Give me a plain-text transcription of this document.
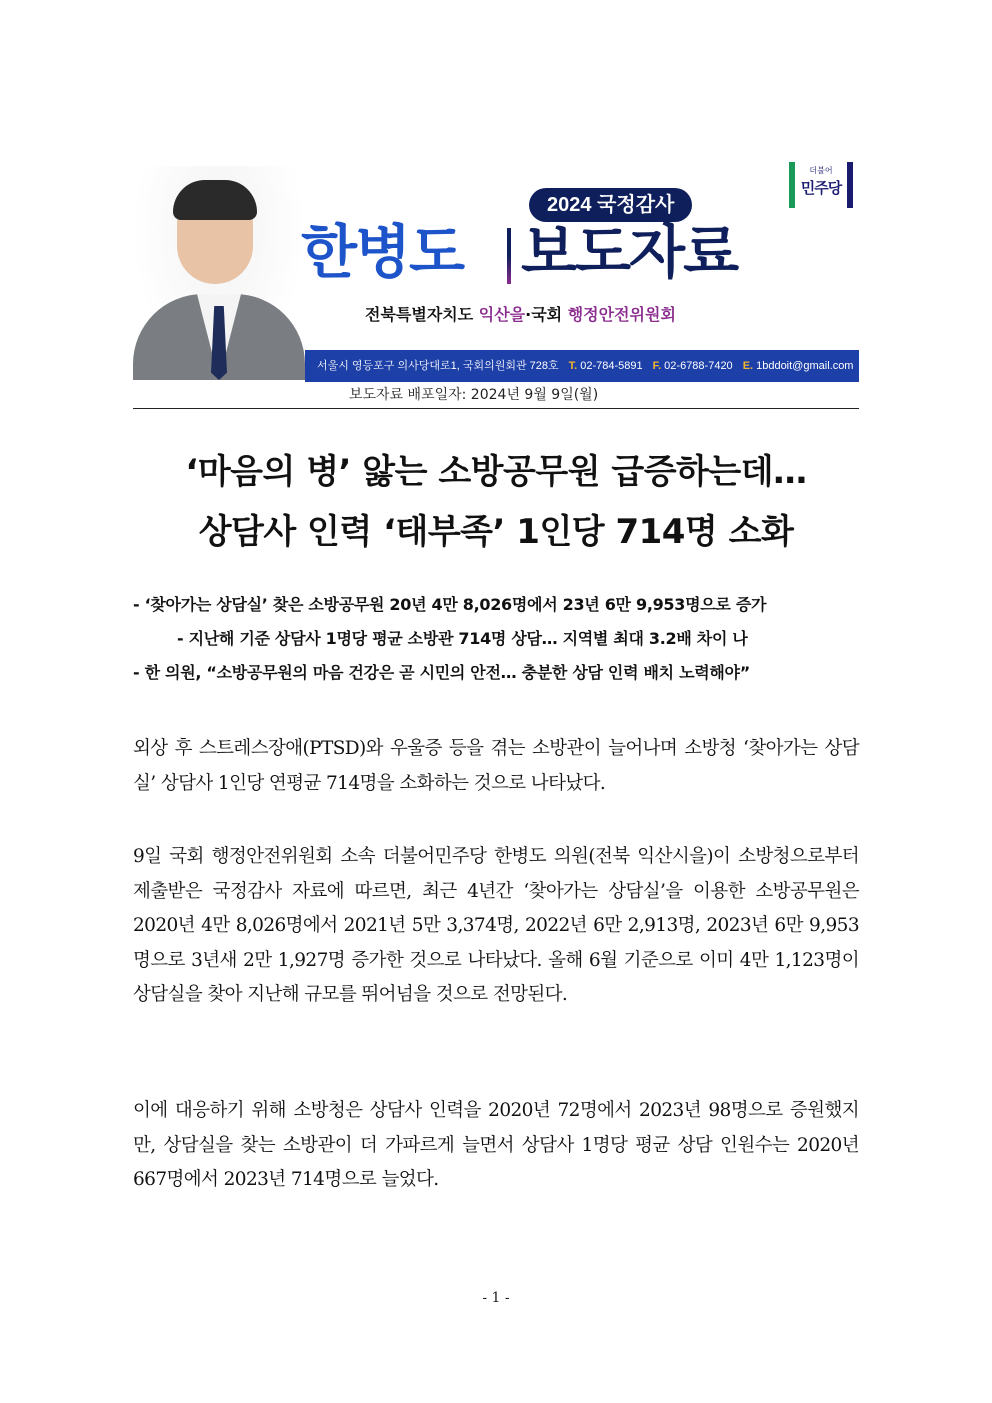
2024 국정감사
한병도 보도자료
더불어
민주당
전북특별자치도 익산을·국회 행정안전위원회
서울시 영등포구 의사당대로1, 국회의원회관 728호 T. 02-784-5891 F. 02-6788-7420 E. 1bddoit@gmail.com
보도자료 배포일자: 2024년 9월 9일(월)
‘마음의 병’ 앓는 소방공무원 급증하는데…
상담사 인력 ‘태부족’ 1인당 714명 소화
- ‘찾아가는 상담실’ 찾은 소방공무원 20년 4만 8,026명에서 23년 6만 9,953명으로 증가
- 지난해 기준 상담사 1명당 평균 소방관 714명 상담… 지역별 최대 3.2배 차이 나
- 한 의원, “소방공무원의 마음 건강은 곧 시민의 안전… 충분한 상담 인력 배치 노력해야”
외상 후 스트레스장애(PTSD)와 우울증 등을 겪는 소방관이 늘어나며 소방청 ‘찾아가는 상담실’ 상담사 1인당 연평균 714명을 소화하는 것으로 나타났다.
9일 국회 행정안전위원회 소속 더불어민주당 한병도 의원(전북 익산시을)이 소방청으로부터 제출받은 국정감사 자료에 따르면, 최근 4년간 ‘찾아가는 상담실’을 이용한 소방공무원은 2020년 4만 8,026명에서 2021년 5만 3,374명, 2022년 6만 2,913명, 2023년 6만 9,953명으로 3년새 2만 1,927명 증가한 것으로 나타났다. 올해 6월 기준으로 이미 4만 1,123명이 상담실을 찾아 지난해 규모를 뛰어넘을 것으로 전망된다.
이에 대응하기 위해 소방청은 상담사 인력을 2020년 72명에서 2023년 98명으로 증원했지만, 상담실을 찾는 소방관이 더 가파르게 늘면서 상담사 1명당 평균 상담 인원수는 2020년 667명에서 2023년 714명으로 늘었다.
- 1 -
